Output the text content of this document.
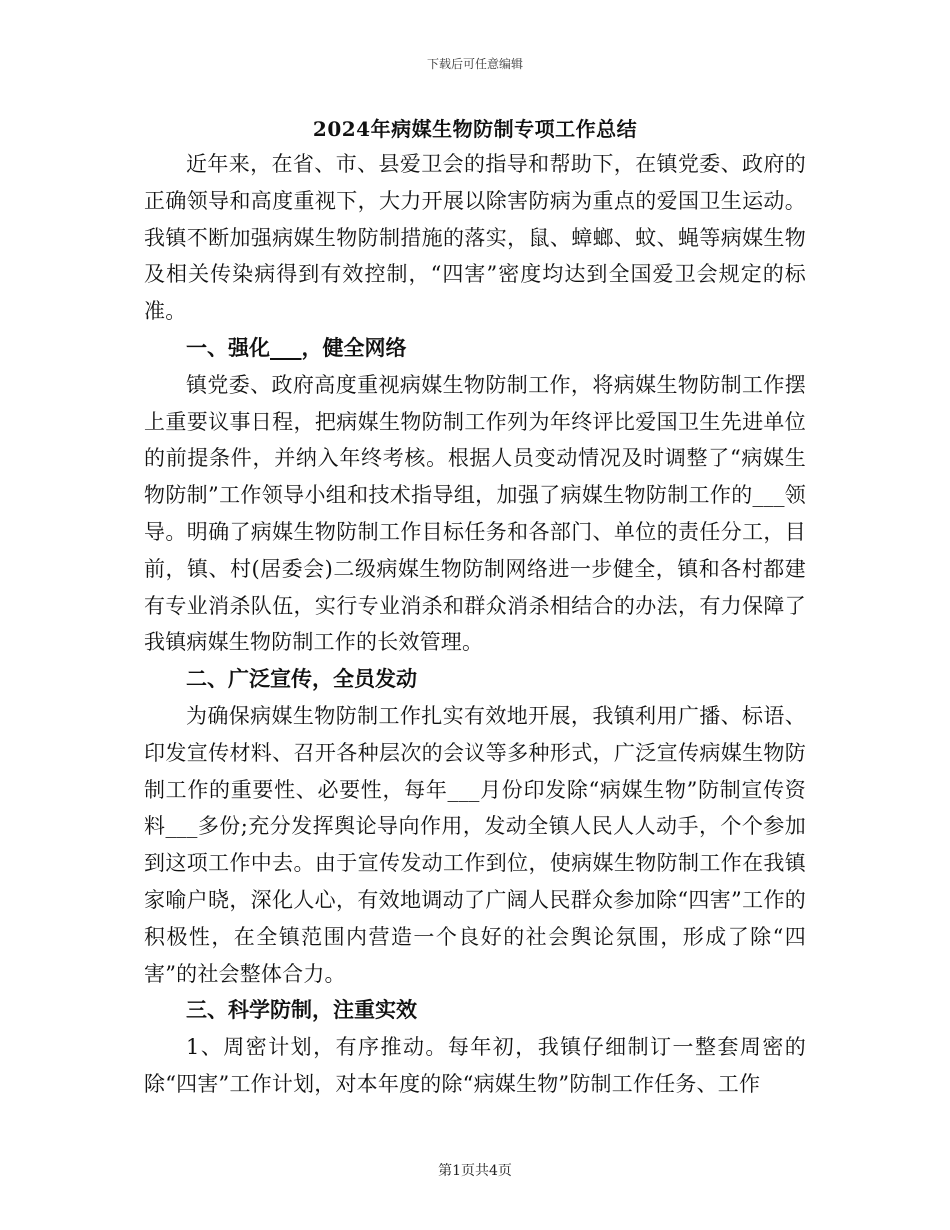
下载后可任意编辑
2024年病媒生物防制专项工作总结

近年来，在省、市、县爱卫会的指导和帮助下，在镇党委、政府的正确领导和高度重视下，大力开展以除害防病为重点的爱国卫生运动。我镇不断加强病媒生物防制措施的落实，鼠、蟑螂、蚊、蝇等病媒生物及相关传染病得到有效控制，“四害”密度均达到全国爱卫会规定的标准。

一、强化___，健全网络

镇党委、政府高度重视病媒生物防制工作，将病媒生物防制工作摆上重要议事日程，把病媒生物防制工作列为年终评比爱国卫生先进单位的前提条件，并纳入年终考核。根据人员变动情况及时调整了“病媒生物防制”工作领导小组和技术指导组，加强了病媒生物防制工作的___领导。明确了病媒生物防制工作目标任务和各部门、单位的责任分工，目前，镇、村(居委会)二级病媒生物防制网络进一步健全，镇和各村都建有专业消杀队伍，实行专业消杀和群众消杀相结合的办法，有力保障了我镇病媒生物防制工作的长效管理。

二、广泛宣传，全员发动

为确保病媒生物防制工作扎实有效地开展，我镇利用广播、标语、印发宣传材料、召开各种层次的会议等多种形式，广泛宣传病媒生物防制工作的重要性、必要性，每年___月份印发除“病媒生物”防制宣传资料___多份;充分发挥舆论导向作用，发动全镇人民人人动手，个个参加到这项工作中去。由于宣传发动工作到位，使病媒生物防制工作在我镇家喻户晓，深化人心，有效地调动了广阔人民群众参加除“四害”工作的积极性，在全镇范围内营造一个良好的社会舆论氛围，形成了除“四害”的社会整体合力。

三、科学防制，注重实效

1、周密计划，有序推动。每年初，我镇仔细制订一整套周密的除“四害”工作计划，对本年度的除“病媒生物”防制工作任务、工作

第1页共4页
